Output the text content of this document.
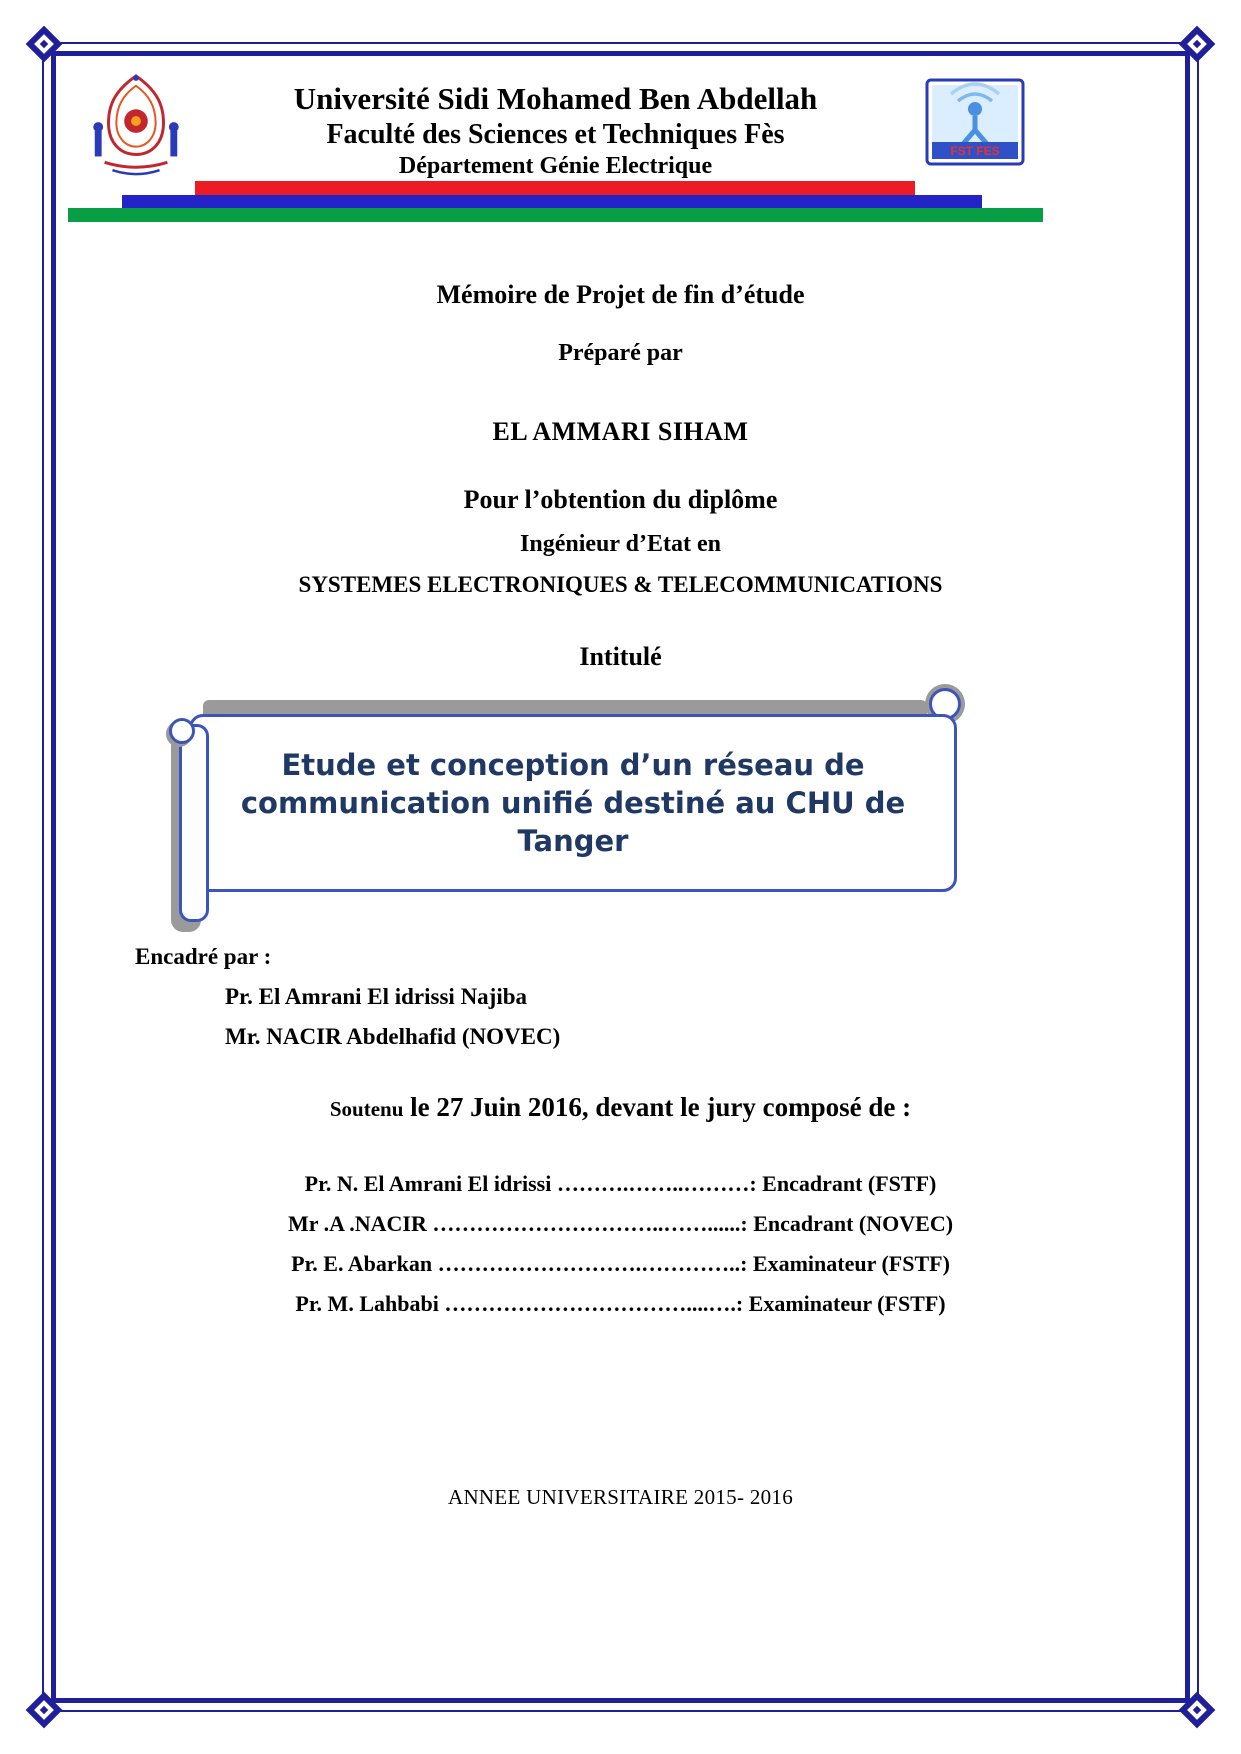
Université Sidi Mohamed Ben Abdellah

Faculté des Sciences et Techniques Fès

Département Génie Electrique

FST FES

Mémoire de Projet de fin d’étude

Préparé par

EL AMMARI SIHAM

Pour l’obtention du diplôme

Ingénieur d’Etat en

SYSTEMES ELECTRONIQUES & TELECOMMUNICATIONS

Intitulé

Etude et conception d’un réseau de communication unifié destiné au CHU de Tanger

Encadré par :

Pr. El Amrani El idrissi Najiba

Mr. NACIR Abdelhafid (NOVEC)

Soutenu le 27 Juin 2016, devant le jury composé de :

Pr. N. El Amrani El idrissi ……….……..………: Encadrant (FSTF)

Mr .A .NACIR …………………………..……......: Encadrant (NOVEC)

Pr. E. Abarkan ……………………….…………..: Examinateur (FSTF)

Pr. M. Lahbabi ……………………………....….: Examinateur (FSTF)

ANNEE UNIVERSITAIRE 2015- 2016
